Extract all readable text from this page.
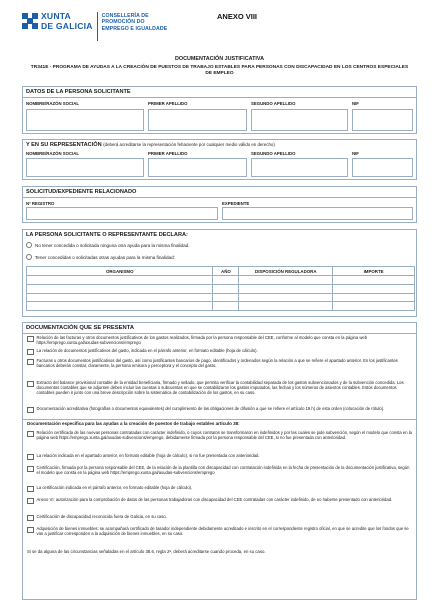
XUNTA
DE GALICIA
CONSELLERÍA DE
PROMOCIÓN DO
EMPREGO E IGUALDADE
ANEXO VIII
DOCUMENTACIÓN JUSTIFICATIVA
TR341E - PROGRAMA DE AYUDAS A LA CREACIÓN DE PUESTOS DE TRABAJO ESTABLES PARA PERSONAS CON DISCAPACIDAD EN LOS CENTROS ESPECIALES DE EMPLEO
DATOS DE LA PERSONA SOLICITANTE
NOMBRE/RAZÓN SOCIAL	PRIMER APELLIDO	SEGUNDO APELLIDO	NIF
Y EN SU REPRESENTACIÓN (deberá acreditarse la representación fehaciente por cualquier medio válido en derecho)
NOMBRE/RAZÓN SOCIAL	PRIMER APELLIDO	SEGUNDO APELLIDO	NIF
SOLICITUD/EXPEDIENTE RELACIONADO
Nº REGISTRO	EXPEDIENTE
LA PERSONA SOLICITANTE O REPRESENTANTE DECLARA:
No tener concedida o solicitada ninguna otra ayuda para la misma finalidad.
Tener concedidas o solicitadas otras ayudas para la misma finalidad:
ORGANISMO	AÑO	DISPOSICIÓN REGULADORA	IMPORTE

DOCUMENTACIÓN QUE SE PRESENTA
Relación de las facturas y otros documentos justificativos de los gastos realizados, firmada por la persona responsable del CEE, conforme al modelo que consta en la página web https://emprego.xunta.gal/axudas-subvencions/emprego
La relación de documentos justificativos del gasto, indicada en el párrafo anterior, en formato editable (hoja de cálculo).
Facturas u otros documentos justificativos del gasto, así como justificantes bancarios de pago, identificados y ordenados según la relación a que se refiere el apartado anterior. En los justificantes bancarios deberán constar, claramente, la persona emisora y perceptora y el concepto del gasto.
Extracto del balance provisional contable de la entidad beneficiaria, firmado y sellado, que permita verificar la contabilidad separada de los gastos subvencionados y de la subvención concedida. Los documentos contables que se adjunten deben incluir las cuentas o subcuentas en que se contabilizaron los gastos imputados, las fechas y los números de asientos contables. Estos documentos contables pueden ir junto con una breve descripción sobre la sistemática de contabilización de los gastos, en su caso.
Documentación acreditativa (fotografías o documentos equivalentes) del cumplimiento de las obligaciones de difusión a que se refiere el artículo 19.h) de esta orden (colocación de rótulo).
Documentación específica para las ayudas a la creación de puestos de trabajo estables artículo 38:
Relación certificada de las nuevas personas contratadas con carácter indefinido, o cuyos contratos se transformaron en indefinidos y por las cuales se pide subvención, según el modelo que consta en la página web https://emprego.xunta.gal/axudas-subvencions/emprego, debidamente firmada por la persona responsable del CEE, si no fue presentada con anterioridad.
La relación indicada en el apartado anterior, en formato editable (hoja de cálculo), si no fue presentada con anterioridad.
Certificación, firmada por la persona responsable del CEE, de la relación de la plantilla con discapacidad con contratación indefinida en la fecha de presentación de la documentación justificativa, según el modelo que consta en la página web https://emprego.xunta.gal/axudas-subvencions/emprego
La certificación indicada en el párrafo anterior, en formato editable (hoja de cálculo).
Anexo VI: autorización para la comprobación de datos de las personas trabajadoras con discapacidad del CEE contratadas con carácter indefinido, de no haberse presentado con anterioridad.
Certificación de discapacidad reconocida fuera de Galicia, en su caso.
Adquisición de bienes inmuebles: se acompañará certificado de tasador independiente debidamente acreditado e inscrito en el correspondiente registro oficial, en que se acredite que los fondos que se van a justificar corresponden a la adquisición de bienes inmuebles, en su caso.
Si se da alguna de las circunstancias señaladas en el artículo 38.6, regla 2ª, deberá acreditarse cuando proceda, en su caso.
